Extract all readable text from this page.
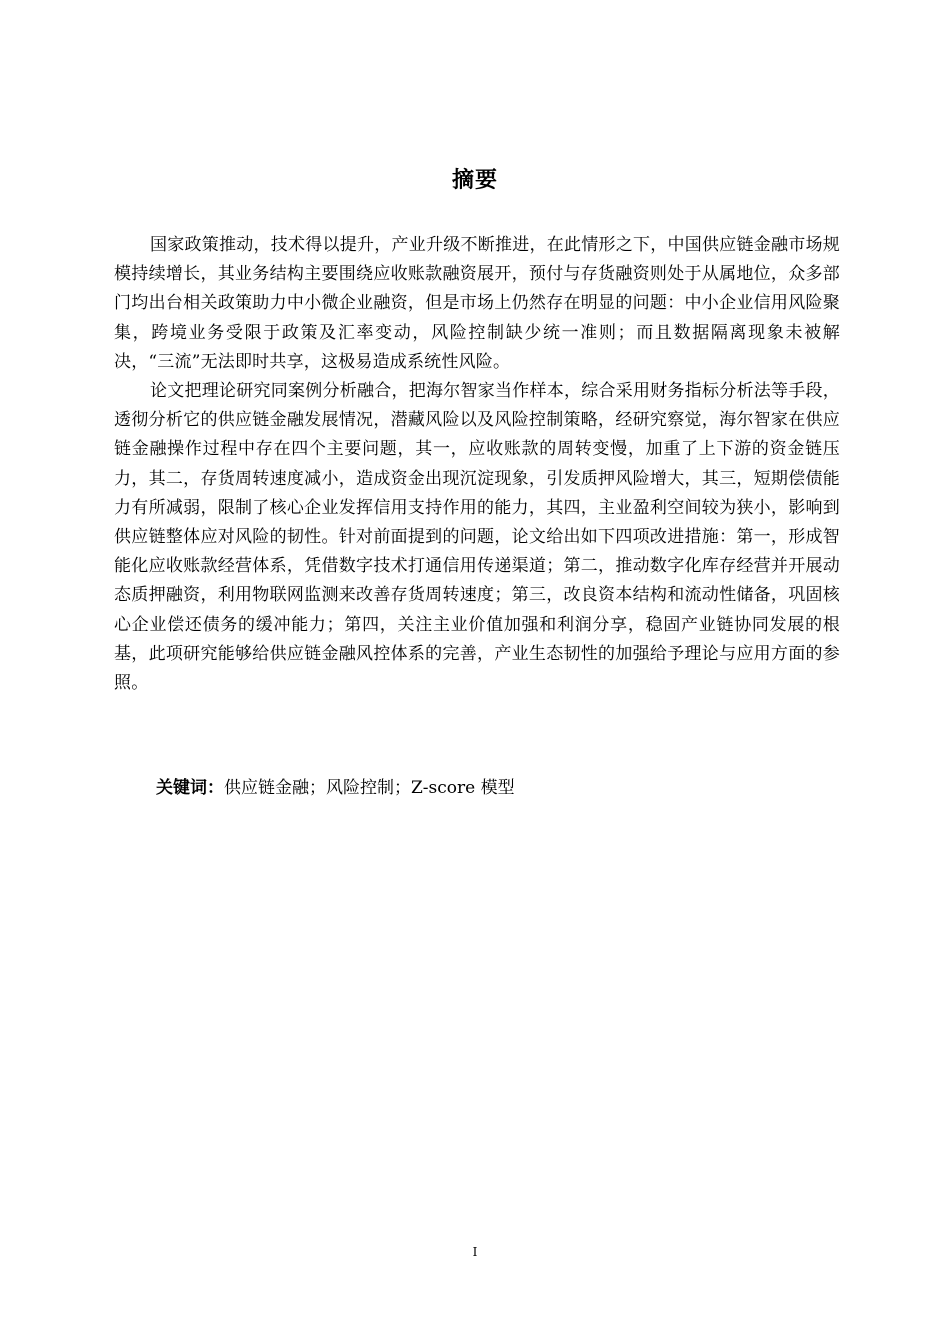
摘要

国家政策推动，技术得以提升，产业升级不断推进，在此情形之下，中国供应链金融市场规模持续增长，其业务结构主要围绕应收账款融资展开，预付与存货融资则处于从属地位，众多部门均出台相关政策助力中小微企业融资，但是市场上仍然存在明显的问题：中小企业信用风险聚集，跨境业务受限于政策及汇率变动，风险控制缺少统一准则；而且数据隔离现象未被解决，“三流”无法即时共享，这极易造成系统性风险。

论文把理论研究同案例分析融合，把海尔智家当作样本，综合采用财务指标分析法等手段，透彻分析它的供应链金融发展情况，潜藏风险以及风险控制策略，经研究察觉，海尔智家在供应链金融操作过程中存在四个主要问题，其一，应收账款的周转变慢，加重了上下游的资金链压力，其二，存货周转速度减小，造成资金出现沉淀现象，引发质押风险增大，其三，短期偿债能力有所减弱，限制了核心企业发挥信用支持作用的能力，其四，主业盈利空间较为狭小，影响到供应链整体应对风险的韧性。针对前面提到的问题，论文给出如下四项改进措施：第一，形成智能化应收账款经营体系，凭借数字技术打通信用传递渠道；第二，推动数字化库存经营并开展动态质押融资，利用物联网监测来改善存货周转速度；第三，改良资本结构和流动性储备，巩固核心企业偿还债务的缓冲能力；第四，关注主业价值加强和利润分享，稳固产业链协同发展的根基，此项研究能够给供应链金融风控体系的完善，产业生态韧性的加强给予理论与应用方面的参照。

关键词：供应链金融；风险控制；Z-score 模型
I
